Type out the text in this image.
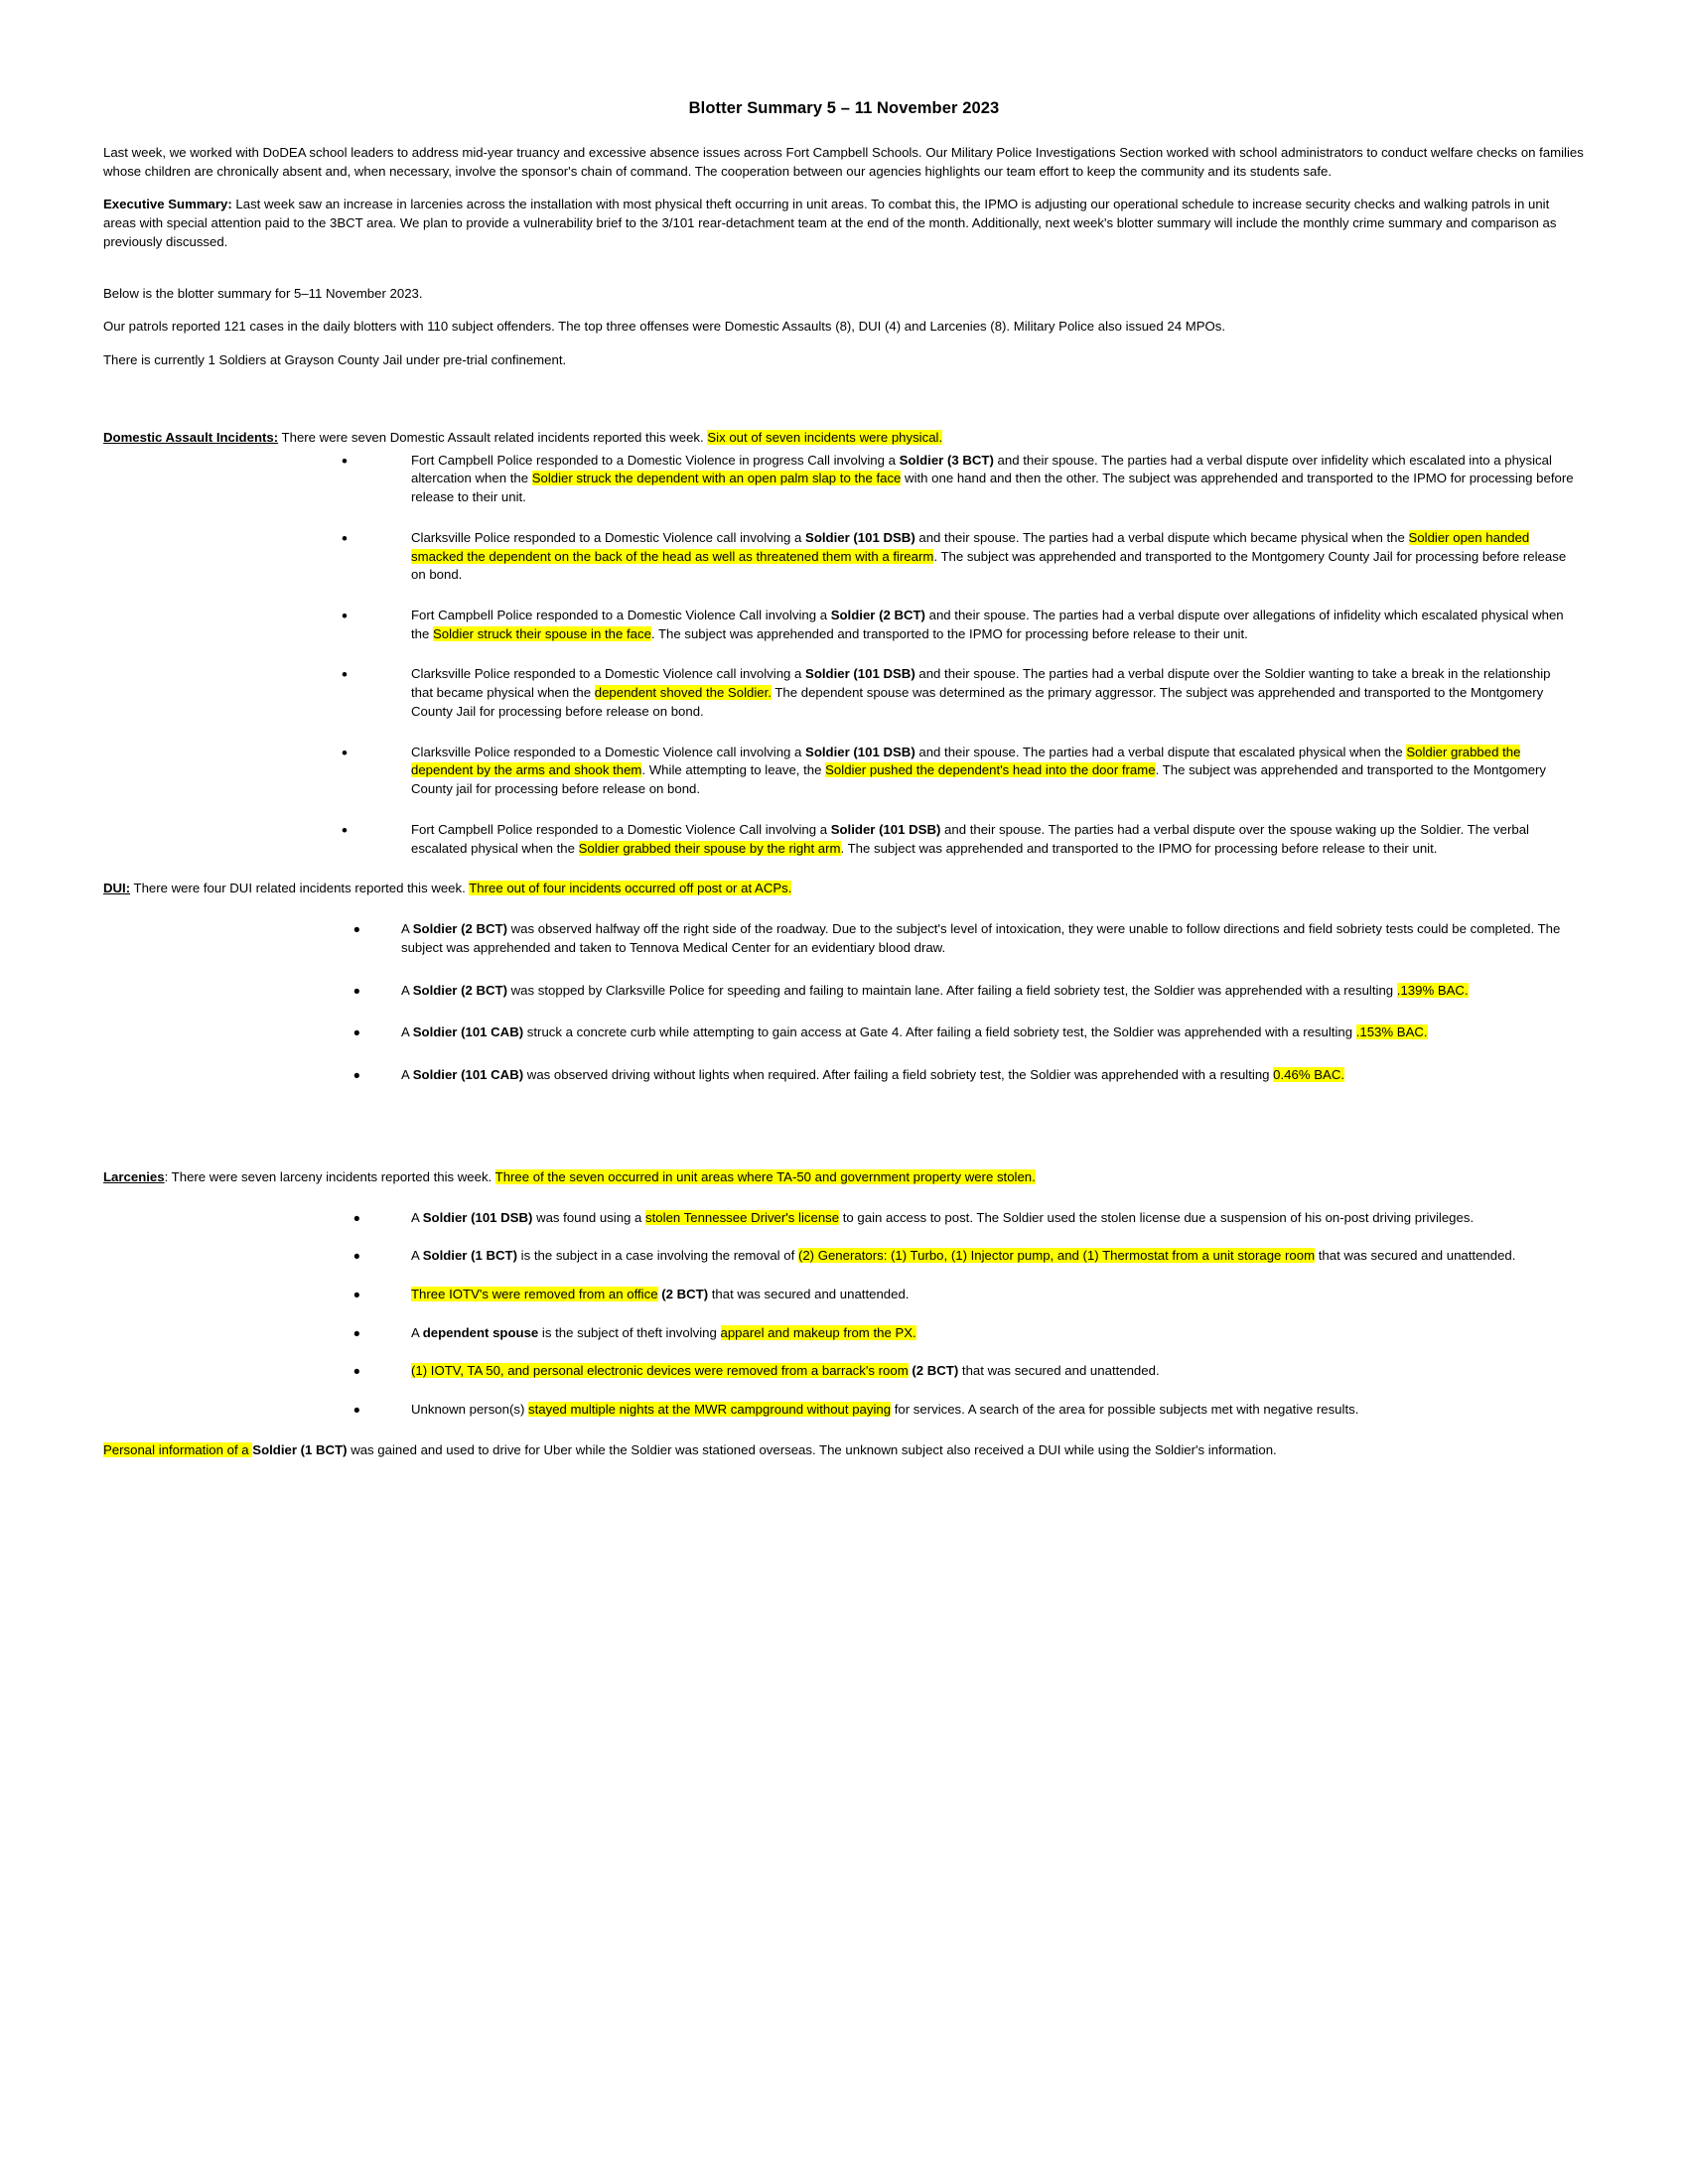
Blotter Summary 5 – 11 November 2023

Last week, we worked with DoDEA school leaders to address mid-year truancy and excessive absence issues across Fort Campbell Schools. Our Military Police Investigations Section worked with school administrators to conduct welfare checks on families whose children are chronically absent and, when necessary, involve the sponsor's chain of command. The cooperation between our agencies highlights our team effort to keep the community and its students safe.

Executive Summary: Last week saw an increase in larcenies across the installation with most physical theft occurring in unit areas. To combat this, the IPMO is adjusting our operational schedule to increase security checks and walking patrols in unit areas with special attention paid to the 3BCT area. We plan to provide a vulnerability brief to the 3/101 rear-detachment team at the end of the month. Additionally, next week's blotter summary will include the monthly crime summary and comparison as previously discussed.

Below is the blotter summary for 5–11 November 2023.

Our patrols reported 121 cases in the daily blotters with 110 subject offenders. The top three offenses were Domestic Assaults (8), DUI (4) and Larcenies (8). Military Police also issued 24 MPOs.

There is currently 1 Soldiers at Grayson County Jail under pre-trial confinement.

Domestic Assault Incidents: There were seven Domestic Assault related incidents reported this week. Six out of seven incidents were physical.
• Fort Campbell Police responded to a Domestic Violence in progress Call involving a Soldier (3 BCT) and their spouse. The parties had a verbal dispute over infidelity which escalated into a physical altercation when the Soldier struck the dependent with an open palm slap to the face with one hand and then the other. The subject was apprehended and transported to the IPMO for processing before release to their unit.
• Clarksville Police responded to a Domestic Violence call involving a Soldier (101 DSB) and their spouse. The parties had a verbal dispute which became physical when the Soldier open handed smacked the dependent on the back of the head as well as threatened them with a firearm. The subject was apprehended and transported to the Montgomery County Jail for processing before release on bond.
• Fort Campbell Police responded to a Domestic Violence Call involving a Soldier (2 BCT) and their spouse. The parties had a verbal dispute over allegations of infidelity which escalated physical when the Soldier struck their spouse in the face. The subject was apprehended and transported to the IPMO for processing before release to their unit.
• Clarksville Police responded to a Domestic Violence call involving a Soldier (101 DSB) and their spouse. The parties had a verbal dispute over the Soldier wanting to take a break in the relationship that became physical when the dependent shoved the Soldier. The dependent spouse was determined as the primary aggressor. The subject was apprehended and transported to the Montgomery County Jail for processing before release on bond.
• Clarksville Police responded to a Domestic Violence call involving a Soldier (101 DSB) and their spouse. The parties had a verbal dispute that escalated physical when the Soldier grabbed the dependent by the arms and shook them. While attempting to leave, the Soldier pushed the dependent's head into the door frame. The subject was apprehended and transported to the Montgomery County jail for processing before release on bond.
• Fort Campbell Police responded to a Domestic Violence Call involving a Solider (101 DSB) and their spouse. The parties had a verbal dispute over the spouse waking up the Soldier. The verbal escalated physical when the Soldier grabbed their spouse by the right arm. The subject was apprehended and transported to the IPMO for processing before release to their unit.
DUI: There were four DUI related incidents reported this week. Three out of four incidents occurred off post or at ACPs.
• A Soldier (2 BCT) was observed halfway off the right side of the roadway. Due to the subject's level of intoxication, they were unable to follow directions and field sobriety tests could be completed. The subject was apprehended and taken to Tennova Medical Center for an evidentiary blood draw.
• A Soldier (2 BCT) was stopped by Clarksville Police for speeding and failing to maintain lane. After failing a field sobriety test, the Soldier was apprehended with a resulting .139% BAC.
• A Soldier (101 CAB) struck a concrete curb while attempting to gain access at Gate 4. After failing a field sobriety test, the Soldier was apprehended with a resulting .153% BAC.
• A Soldier (101 CAB) was observed driving without lights when required. After failing a field sobriety test, the Soldier was apprehended with a resulting 0.46% BAC.
Larcenies: There were seven larceny incidents reported this week. Three of the seven occurred in unit areas where TA-50 and government property were stolen.
• A Soldier (101 DSB) was found using a stolen Tennessee Driver's license to gain access to post. The Soldier used the stolen license due a suspension of his on-post driving privileges.
• A Soldier (1 BCT) is the subject in a case involving the removal of (2) Generators: (1) Turbo, (1) Injector pump, and (1) Thermostat from a unit storage room that was secured and unattended.
• Three IOTV's were removed from an office (2 BCT) that was secured and unattended.
• A dependent spouse is the subject of theft involving apparel and makeup from the PX.
• (1) IOTV, TA 50, and personal electronic devices were removed from a barrack's room (2 BCT) that was secured and unattended.
• Unknown person(s) stayed multiple nights at the MWR campground without paying for services. A search of the area for possible subjects met with negative results.
Personal information of a Soldier (1 BCT) was gained and used to drive for Uber while the Soldier was stationed overseas. The unknown subject also received a DUI while using the Soldier's information.
